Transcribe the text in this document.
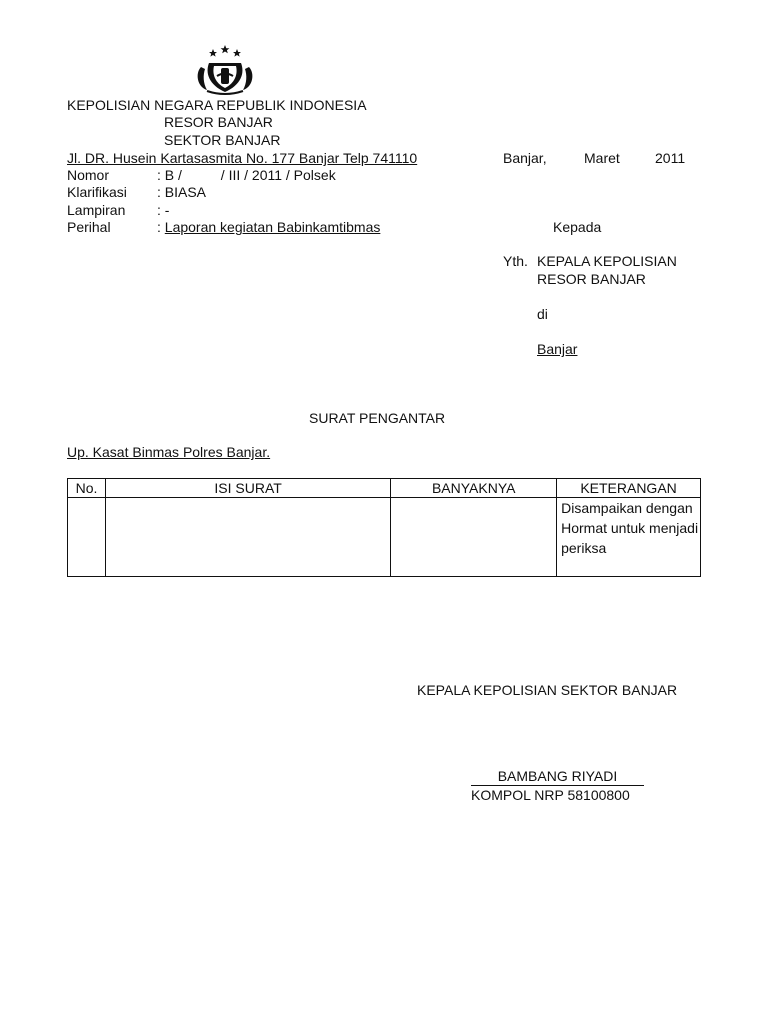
KEPOLISIAN NEGARA REPUBLIK INDONESIA
RESOR BANJAR
SEKTOR BANJAR
Jl. DR. Husein Kartasasmita No. 177 Banjar Telp 741110	Banjar,	Maret	2011
Nomor	: B /          / III / 2011 / Polsek
Klarifikasi : BIASA
Lampiran : -
Perihal	: Laporan kegiatan Babinkamtibmas	Kepada
Yth. KEPALA KEPOLISIAN
RESOR BANJAR
di
Banjar
SURAT PENGANTAR
Up. Kasat Binmas Polres Banjar.
No.	ISI SURAT	BANYAKNYA	KETERANGAN
			Disampaikan dengan Hormat untuk menjadi periksa
KEPALA KEPOLISIAN SEKTOR BANJAR
BAMBANG RIYADI
KOMPOL NRP 58100800
